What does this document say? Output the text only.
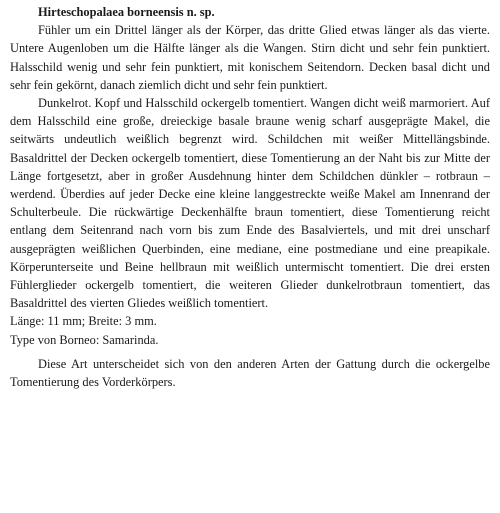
Hirteschopalaea borneensis n. sp.

Fühler um ein Drittel länger als der Körper, das dritte Glied etwas länger als das vierte. Untere Augenloben um die Hälfte länger als die Wangen. Stirn dicht und sehr fein punktiert. Halsschild wenig und sehr fein punktiert, mit konischem Seitendorn. Decken basal dicht und sehr fein gekörnt, danach ziemlich dicht und sehr fein punktiert.

Dunkelrot. Kopf und Halsschild ockergelb tomentiert. Wangen dicht weiß marmoriert. Auf dem Halsschild eine große, dreieckige basale braune wenig scharf ausgeprägte Makel, die seitwärts undeutlich weißlich begrenzt wird. Schildchen mit weißer Mittellängsbinde. Basaldrittel der Decken ockergelb tomentiert, diese Tomentierung an der Naht bis zur Mitte der Länge fortgesetzt, aber in großer Ausdehnung hinter dem Schildchen dünkler – rotbraun – werdend. Überdies auf jeder Decke eine kleine langgestreckte weiße Makel am Innenrand der Schulterbeule. Die rückwärtige Deckenhälfte braun tomentiert, diese Tomentierung reicht entlang dem Seitenrand nach vorn bis zum Ende des Basalviertels, und mit drei unscharf ausgeprägten weißlichen Querbinden, eine mediane, eine postmediane und eine preapikale. Körperunterseite und Beine hellbraun mit weißlich untermischt tomentiert. Die drei ersten Fühlerglieder ockergelb tomentiert, die weiteren Glieder dunkelrotbraun tomentiert, das Basaldrittel des vierten Gliedes weißlich tomentiert.

Länge: 11 mm; Breite: 3 mm.

Type von Borneo: Samarinda.

Diese Art unterscheidet sich von den anderen Arten der Gattung durch die ockergelbe Tomentierung des Vorderkörpers.
